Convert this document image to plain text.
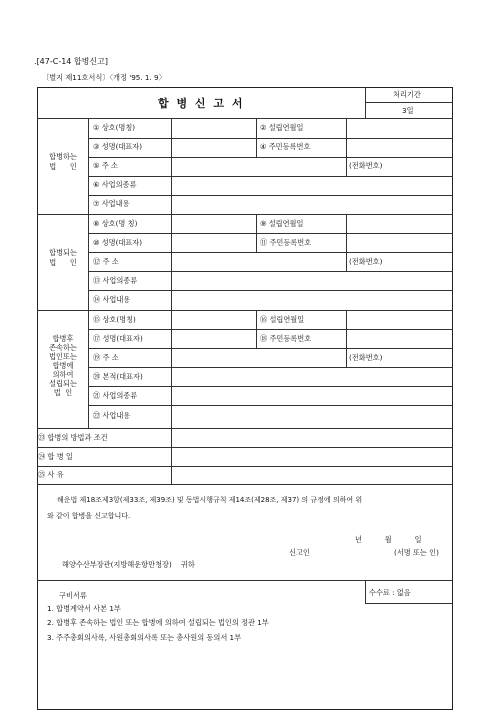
.[47-C-14 합병신고]
〔별지 제11호서식〕〈개정 '95. 1. 9〉
합 병 신 고 서
처리기간
3일
합병하는
법      인
① 상호(명칭)	② 설립연월일
③ 성명(대표자)	④ 주민등록번호
⑤ 주 소	(전화번호)
⑥ 사업의종류
⑦ 사업내용
합병되는
법      인
⑧ 상호(명 칭)	⑨ 설립연월일
⑩ 성명(대표자)	⑪ 주민등록번호
⑫ 주 소	(전화번호)
⑬ 사업의종류
⑭ 사업내용
합병후
존속하는
법인또는
합병에
의하여
설립되는
법  인
⑮ 상호(명칭)	⑯ 설립연월일
⑰ 성명(대표자)	⑱ 주민등록번호
⑲ 주 소	(전화번호)
⑳ 본적(대표자)
㉑ 사업의종류
㉒ 사업내용
㉓ 합병의 방법과 조건
㉔ 합 병 일
㉕ 사 유
해운법 제18조제3항(제33조, 제39조) 및 동법시행규칙 제14조(제28조, 제37) 의 규정에 의하여 위
와 같이 합병을 신고합니다.
년          월          일
신고인	(서명 또는 인)
해양수산부장관(지방해운항만청장)    귀하
수수료 : 없음
구비서류
1. 합병계약서 사본 1부
2. 합병후 존속하는 법인 또는 합병에 의하여 설립되는 법인의 정관 1부
3. 주주총회의사록, 사원총회의사록 또는 총사원의 동의서 1부
